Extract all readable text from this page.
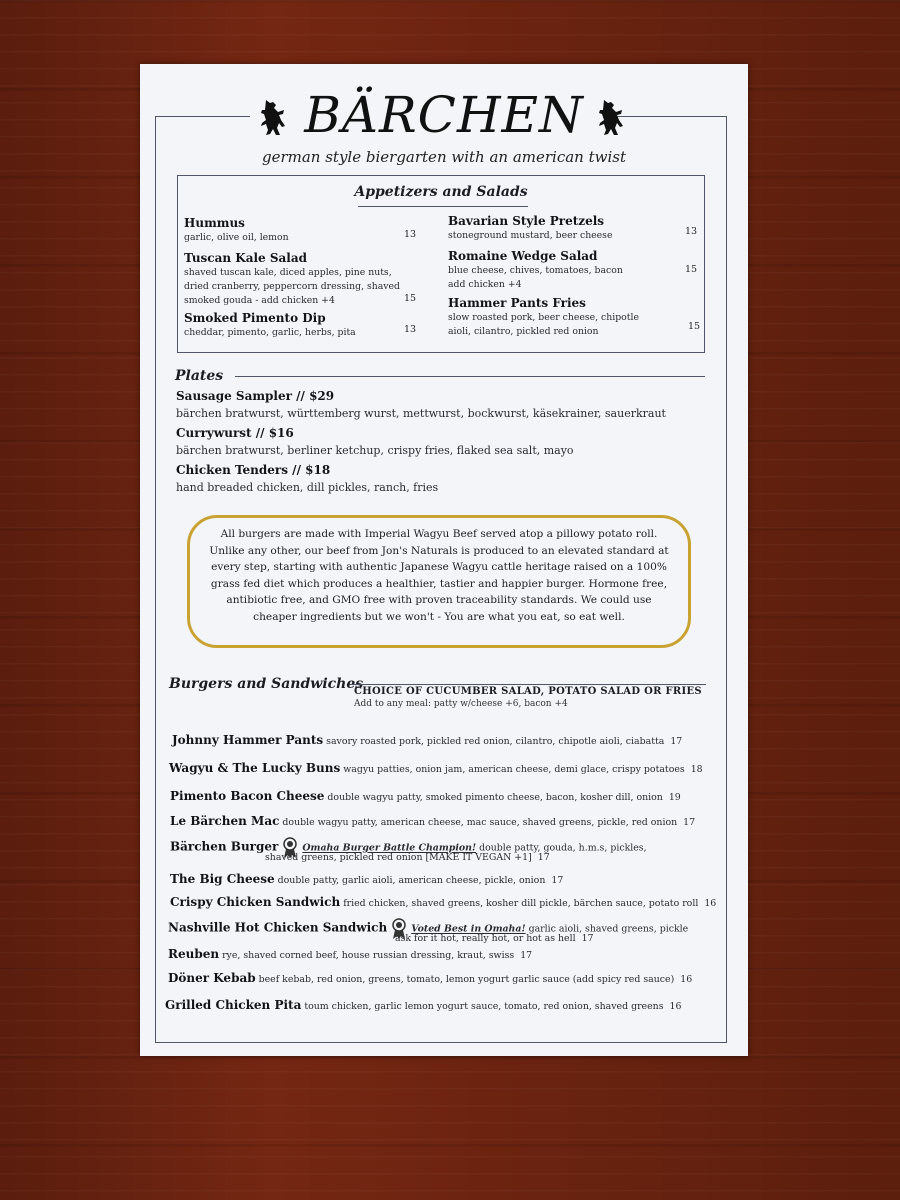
BÄRCHEN
german style biergarten with an american twist
Appetizers and Salads
Hummus
garlic, olive oil, lemon	13
Tuscan Kale Salad
shaved tuscan kale, diced apples, pine nuts, dried cranberry, peppercorn dressing, shaved smoked gouda - add chicken +4	15
Smoked Pimento Dip
cheddar, pimento, garlic, herbs, pita	13
Bavarian Style Pretzels
stoneground mustard, beer cheese	13
Romaine Wedge Salad
blue cheese, chives, tomatoes, bacon
add chicken +4
15
Hammer Pants Fries
slow roasted pork, beer cheese, chipotle aioli, cilantro, pickled red onion	15
Plates
Sausage Sampler // $29
bärchen bratwurst, württemberg wurst, mettwurst, bockwurst, käsekrainer, sauerkraut
Currywurst // $16
bärchen bratwurst, berliner ketchup, crispy fries, flaked sea salt, mayo
Chicken Tenders // $18
hand breaded chicken, dill pickles, ranch, fries
All burgers are made with Imperial Wagyu Beef served atop a pillowy potato roll. Unlike any other, our beef from Jon's Naturals is produced to an elevated standard at every step, starting with authentic Japanese Wagyu cattle heritage raised on a 100% grass fed diet which produces a healthier, tastier and happier burger. Hormone free, antibiotic free, and GMO free with proven traceability standards. We could use cheaper ingredients but we won't - You are what you eat, so eat well.
Burgers and Sandwiches
CHOICE OF CUCUMBER SALAD, POTATO SALAD OR FRIES
Add to any meal: patty w/cheese +6, bacon +4
Johnny Hammer Pants savory roasted pork, pickled red onion, cilantro, chipotle aioli, ciabatta 17
Wagyu & The Lucky Buns wagyu patties, onion jam, american cheese, demi glace, crispy potatoes 18
Pimento Bacon Cheese double wagyu patty, smoked pimento cheese, bacon, kosher dill, onion 19
Le Bärchen Mac double wagyu patty, american cheese, mac sauce, shaved greens, pickle, red onion 17
Bärchen Burger	Omaha Burger Battle Champion! double patty, gouda, h.m.s, pickles,
shaved greens, pickled red onion [MAKE IT VEGAN +1] 17
The Big Cheese double patty, garlic aioli, american cheese, pickle, onion 17
Crispy Chicken Sandwich fried chicken, shaved greens, kosher dill pickle, bärchen sauce, potato roll 16
Nashville Hot Chicken Sandwich	Voted Best in Omaha! garlic aioli, shaved greens, pickle
ask for it hot, really hot, or hot as hell 17
Reuben rye, shaved corned beef, house russian dressing, kraut, swiss 17
Döner Kebab beef kebab, red onion, greens, tomato, lemon yogurt garlic sauce (add spicy red sauce) 16
Grilled Chicken Pita toum chicken, garlic lemon yogurt sauce, tomato, red onion, shaved greens 16
